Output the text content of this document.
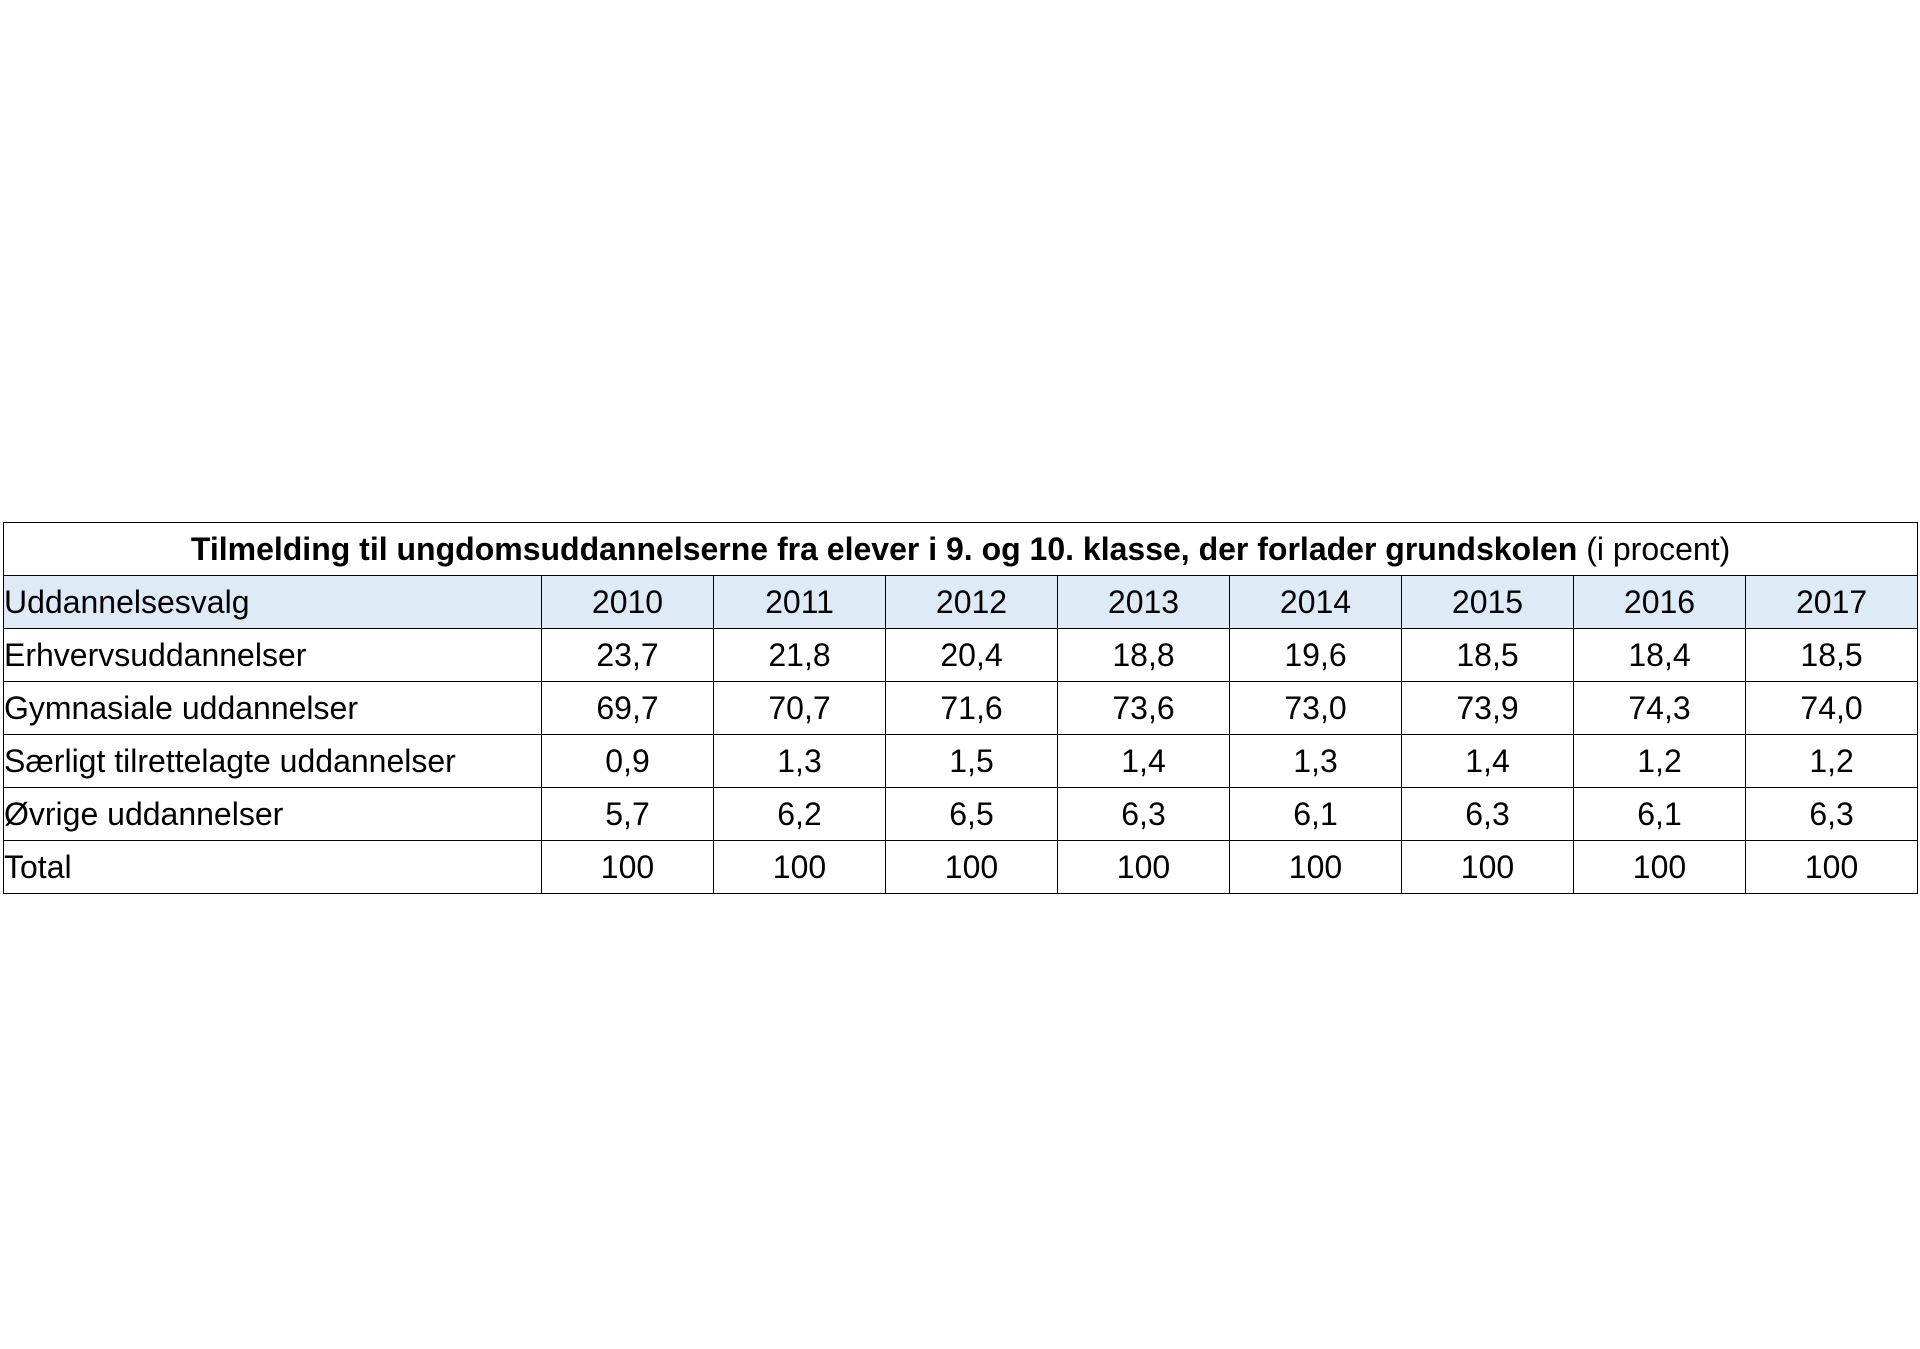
Tilmelding til ungdomsuddannelserne fra elever i 9. og 10. klasse, der forlader grundskolen (i procent)								
Uddannelsesvalg	2010	2011	2012	2013	2014	2015	2016	2017
Erhvervsuddannelser	23,7	21,8	20,4	18,8	19,6	18,5	18,4	18,5
Gymnasiale uddannelser	69,7	70,7	71,6	73,6	73,0	73,9	74,3	74,0
Særligt tilrettelagte uddannelser	0,9	1,3	1,5	1,4	1,3	1,4	1,2	1,2
Øvrige uddannelser	5,7	6,2	6,5	6,3	6,1	6,3	6,1	6,3
Total	100	100	100	100	100	100	100	100
